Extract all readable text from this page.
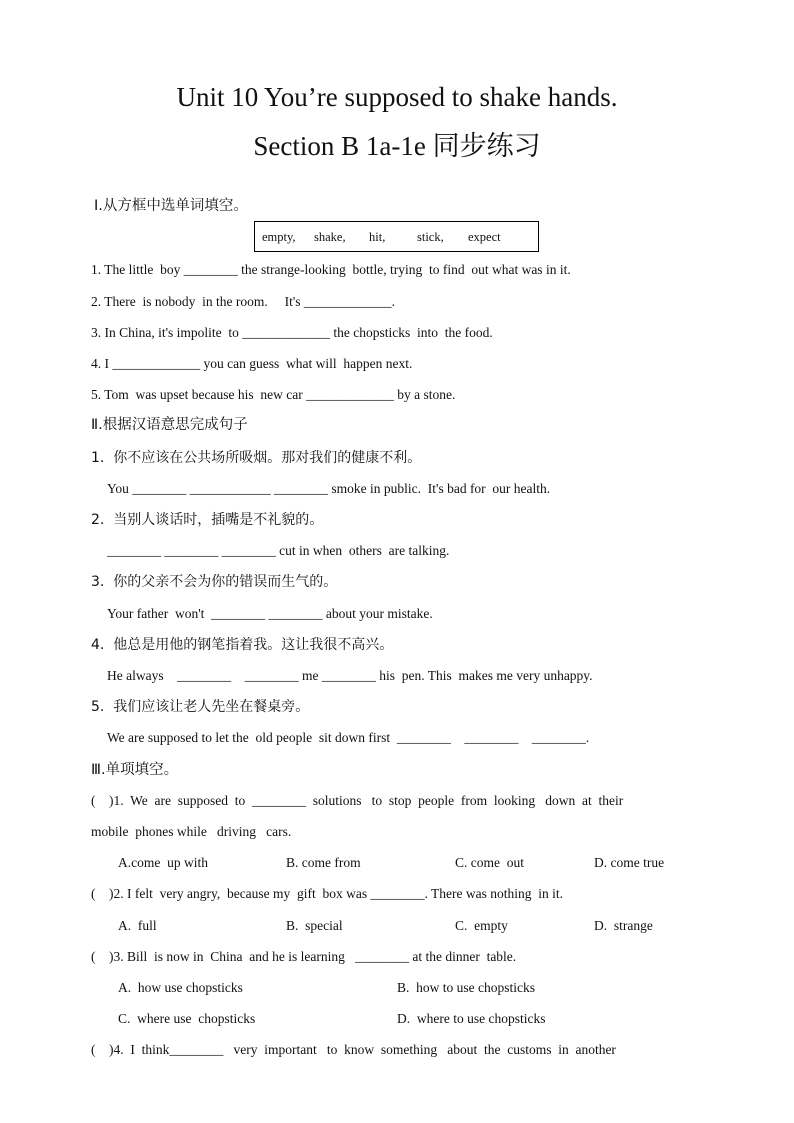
Unit 10 You’re supposed to shake hands.
Section B 1a-1e 同步练习
Ⅰ.从方框中选单词填空。
empty, shake, hit,	stick, expect
1. The little  boy ________ the strange-looking  bottle, trying  to find  out what was in it.
2. There  is nobody  in the room.     It's _____________.
3. In China, it's impolite  to _____________ the chopsticks  into  the food.
4. I _____________ you can guess  what will  happen next.
5. Tom  was upset because his  new car _____________ by a stone.
Ⅱ.根据汉语意思完成句子
1.  你不应该在公共场所吸烟。那对我们的健康不利。
You ________ ____________ ________ smoke in public.  It's bad for  our health.
2.  当别人谈话时，插嘴是不礼貌的。
________ ________ ________ cut in when  others  are talking.
3.  你的父亲不会为你的错误而生气的。
Your father  won't  ________ ________ about your mistake.
4.  他总是用他的钢笔指着我。这让我很不高兴。
He always    ________    ________ me ________ his  pen. This  makes me very unhappy.
5.  我们应该让老人先坐在餐桌旁。
We are supposed to let the  old people  sit down first  ________    ________    ________.
Ⅲ.单项填空。
(    )1.  We  are  supposed  to  ________  solutions   to  stop  people  from  looking   down  at  their
mobile  phones while   driving   cars.
A.come  up with	B. come from	C. come  out	D. come true
(    )2. I felt  very angry,  because my  gift  box was ________. There was nothing  in it.
A.  full	B.  special	C.  empty	D.  strange
(    )3. Bill  is now in  China  and he is learning   ________ at the dinner  table.
A.  how use chopsticks	B.  how to use chopsticks
C.  where use  chopsticks	D.  where to use chopsticks
(    )4.  I  think________   very  important   to  know  something   about  the  customs  in  another
